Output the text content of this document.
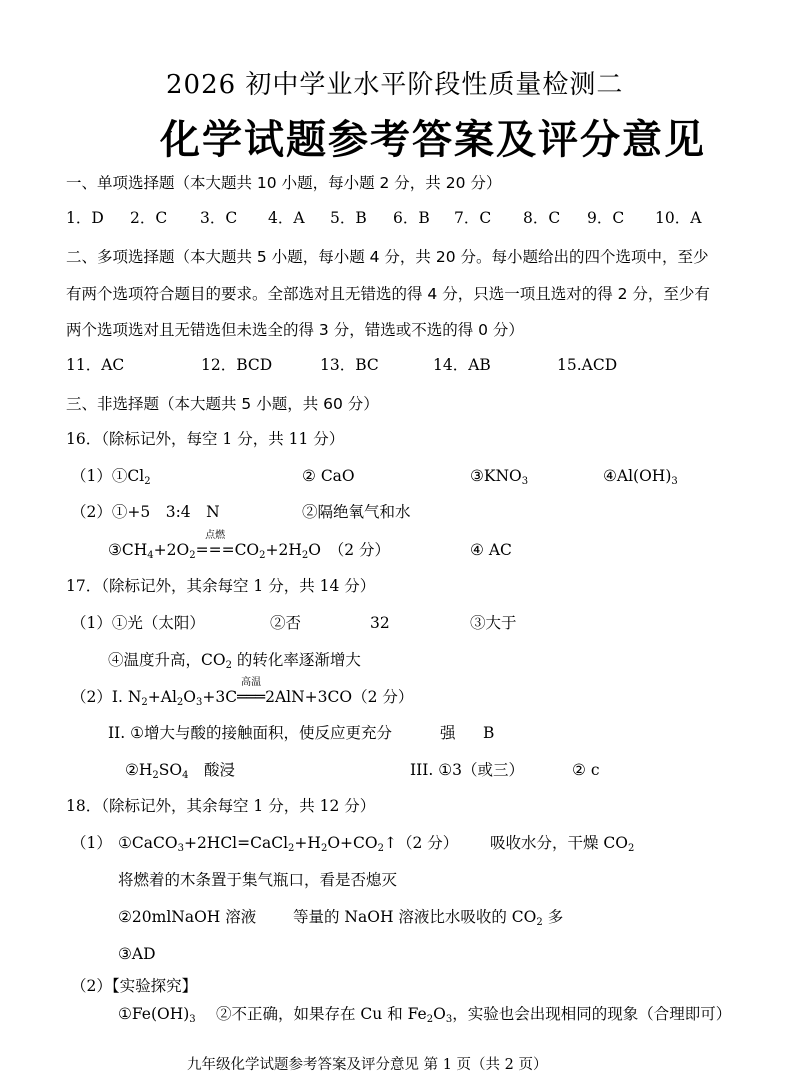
2026 初中学业水平阶段性质量检测二
化学试题参考答案及评分意见
一、单项选择题（本大题共 10 小题，每小题 2 分，共 20 分）
1．D 2．C 3．C 4．A 5．B 6．B 7．C 8．C 9．C 10．A
二、多项选择题（本大题共 5 小题，每小题 4 分，共 20 分。每小题给出的四个选项中，至少
有两个选项符合题目的要求。全部选对且无错选的得 4 分，只选一项且选对的得 2 分，至少有
两个选项选对且无错选但未选全的得 3 分，错选或不选的得 0 分）
11．AC	12．BCD	13．BC	14．AB	15.ACD
三、非选择题（本大题共 5 小题，共 60 分）
16．（除标记外，每空 1 分，共 11 分）
$(1)①Cl_2$	② CaO	$③KNO_3$	$④Al(OH)_3$
（2）①+5　3:4　N	②隔绝氧气和水
$③CH_4+2O_2$
点燃
$===CO_2+2H_2O$　（2 分）	④ AC
17．（除标记外，其余每空 1 分，共 14 分）
（1）①光（太阳）	②否	32	③大于
④温度升高，$CO_2$ 的转化率逐渐增大
（2）I. $N_2+Al_2O_3+3C$
高温
═══2AlN+3CO（2 分）
II. ①增大与酸的接触面积，使反应更充分	强 B
$②H_2SO_4$　酸浸	III. ①3（或三）	② c
18．（除标记外，其余每空 1 分，共 12 分）
（1） $①CaCO_3+2HCl=CaCl_2+H_2O+CO_2↑(2$ 分） 吸收水分，干燥 $CO_2$
将燃着的木条置于集气瓶口，看是否熄灭
②20mlNaOH 溶液 等量的 NaOH 溶液比水吸收的 $CO_2$ 多
③AD
（2）【实验探究】
$①Fe(OH)_3$ ②不正确，如果存在 Cu 和 $Fe_2O_3$，实验也会出现相同的现象（合理即可）
九年级化学试题参考答案及评分意见 第 1 页（共 2 页）
